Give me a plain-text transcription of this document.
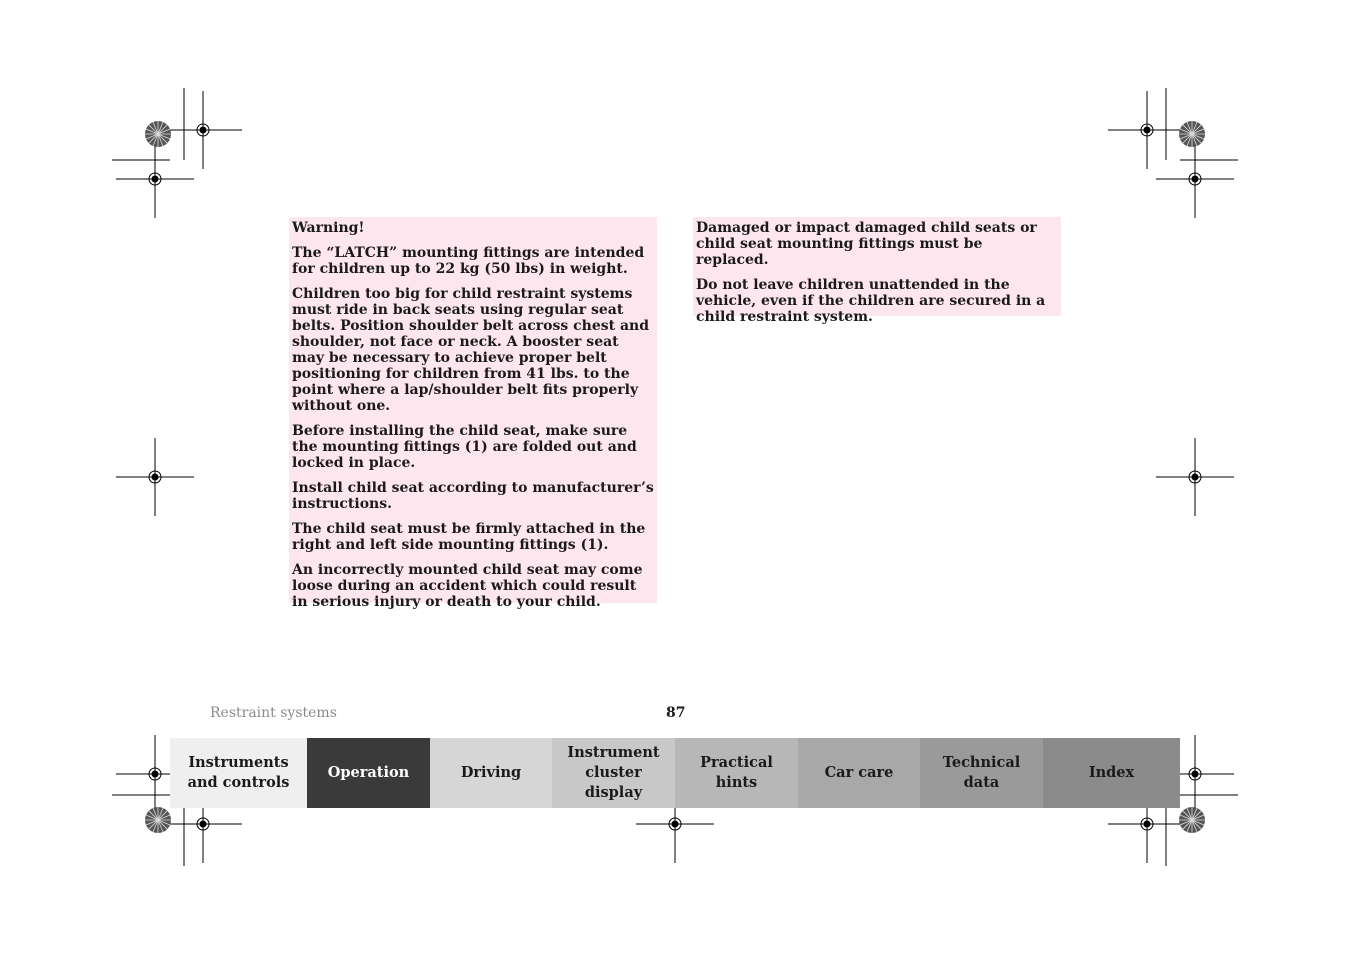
Warning!

The “LATCH” mounting fittings are intended for children up to 22 kg (50 lbs) in weight.

Children too big for child restraint systems must ride in back seats using regular seat belts. Position shoulder belt across chest and shoulder, not face or neck. A booster seat may be necessary to achieve proper belt positioning for children from 41 lbs. to the point where a lap/shoulder belt fits properly without one.

Before installing the child seat, make sure the mounting fittings (1) are folded out and locked in place.

Install child seat according to manufacturer’s instructions.

The child seat must be firmly attached in the right and left side mounting fittings (1).

An incorrectly mounted child seat may come loose during an accident which could result in serious injury or death to your child.

Damaged or impact damaged child seats or child seat mounting fittings must be replaced.

Do not leave children unattended in the vehicle, even if the children are secured in a child restraint system.

Restraint systems	87
Instruments
and controls
Operation	Driving
Instrument
cluster display
Practical hints
Car care
Technical
data
Index
